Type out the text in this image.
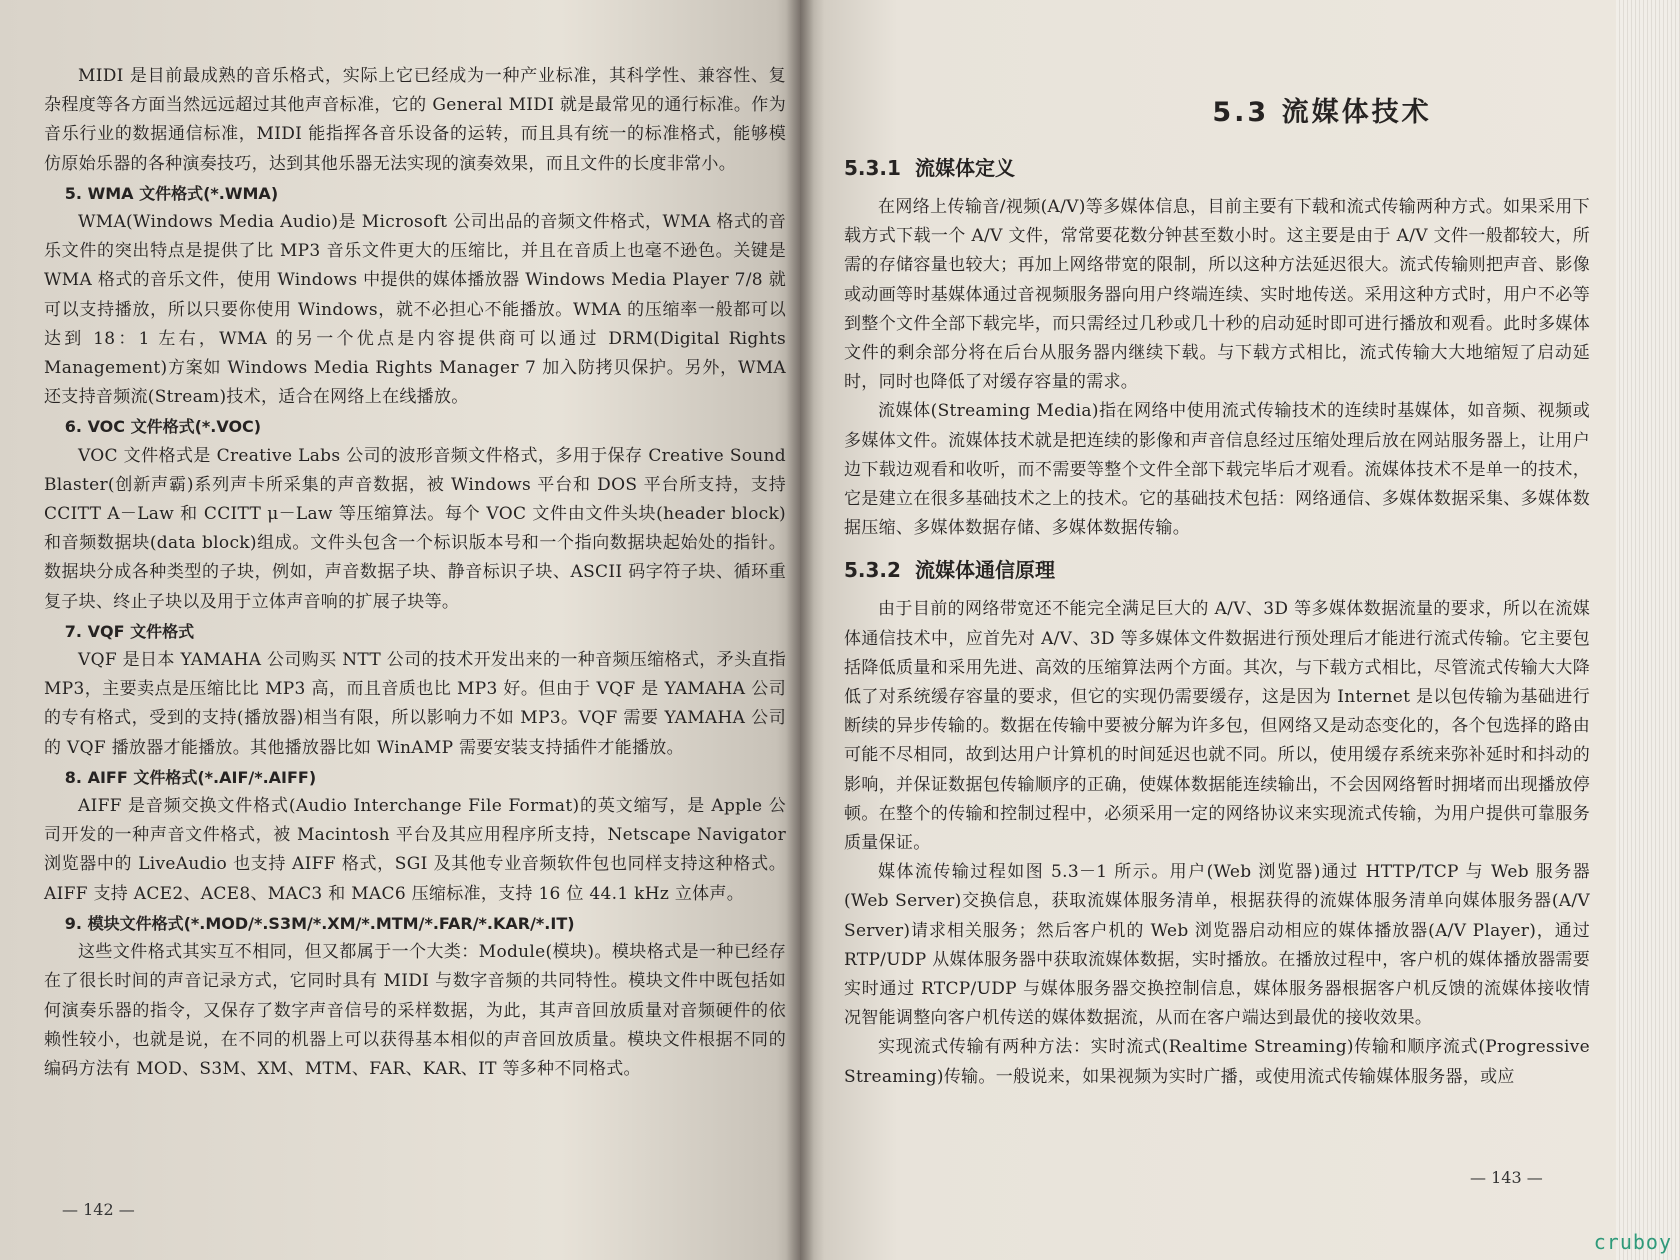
MIDI 是目前最成熟的音乐格式，实际上它已经成为一种产业标准，其科学性、兼容性、复杂程度等各方面当然远远超过其他声音标准，它的 General MIDI 就是最常见的通行标准。作为音乐行业的数据通信标准，MIDI 能指挥各音乐设备的运转，而且具有统一的标准格式，能够模仿原始乐器的各种演奏技巧，达到其他乐器无法实现的演奏效果，而且文件的长度非常小。

5. WMA 文件格式(*.WMA)

WMA(Windows Media Audio)是 Microsoft 公司出品的音频文件格式，WMA 格式的音乐文件的突出特点是提供了比 MP3 音乐文件更大的压缩比，并且在音质上也毫不逊色。关键是 WMA 格式的音乐文件，使用 Windows 中提供的媒体播放器 Windows Media Player 7/8 就可以支持播放，所以只要你使用 Windows，就不必担心不能播放。WMA 的压缩率一般都可以达到 18：1 左右，WMA 的另一个优点是内容提供商可以通过 DRM(Digital Rights Management)方案如 Windows Media Rights Manager 7 加入防拷贝保护。另外，WMA 还支持音频流(Stream)技术，适合在网络上在线播放。

6. VOC 文件格式(*.VOC)

VOC 文件格式是 Creative Labs 公司的波形音频文件格式，多用于保存 Creative Sound Blaster(创新声霸)系列声卡所采集的声音数据，被 Windows 平台和 DOS 平台所支持，支持 CCITT A－Law 和 CCITT μ－Law 等压缩算法。每个 VOC 文件由文件头块(header block)和音频数据块(data block)组成。文件头包含一个标识版本号和一个指向数据块起始处的指针。数据块分成各种类型的子块，例如，声音数据子块、静音标识子块、ASCII 码字符子块、循环重复子块、终止子块以及用于立体声音响的扩展子块等。

7. VQF 文件格式

VQF 是日本 YAMAHA 公司购买 NTT 公司的技术开发出来的一种音频压缩格式，矛头直指 MP3，主要卖点是压缩比比 MP3 高，而且音质也比 MP3 好。但由于 VQF 是 YAMAHA 公司的专有格式，受到的支持(播放器)相当有限，所以影响力不如 MP3。VQF 需要 YAMAHA 公司的 VQF 播放器才能播放。其他播放器比如 WinAMP 需要安装支持插件才能播放。

8. AIFF 文件格式(*.AIF/*.AIFF)

AIFF 是音频交换文件格式(Audio Interchange File Format)的英文缩写，是 Apple 公司开发的一种声音文件格式，被 Macintosh 平台及其应用程序所支持，Netscape Navigator 浏览器中的 LiveAudio 也支持 AIFF 格式，SGI 及其他专业音频软件包也同样支持这种格式。AIFF 支持 ACE2、ACE8、MAC3 和 MAC6 压缩标准，支持 16 位 44.1 kHz 立体声。

9. 模块文件格式(*.MOD/*.S3M/*.XM/*.MTM/*.FAR/*.KAR/*.IT)

这些文件格式其实互不相同，但又都属于一个大类：Module(模块)。模块格式是一种已经存在了很长时间的声音记录方式，它同时具有 MIDI 与数字音频的共同特性。模块文件中既包括如何演奏乐器的指令，又保存了数字声音信号的采样数据，为此，其声音回放质量对音频硬件的依赖性较小，也就是说，在不同的机器上可以获得基本相似的声音回放质量。模块文件根据不同的编码方法有 MOD、S3M、XM、MTM、FAR、KAR、IT 等多种不同格式。

5.3 流媒体技术
5.3.1 流媒体定义

在网络上传输音/视频(A/V)等多媒体信息，目前主要有下载和流式传输两种方式。如果采用下载方式下载一个 A/V 文件，常常要花数分钟甚至数小时。这主要是由于 A/V 文件一般都较大，所需的存储容量也较大；再加上网络带宽的限制，所以这种方法延迟很大。流式传输则把声音、影像或动画等时基媒体通过音视频服务器向用户终端连续、实时地传送。采用这种方式时，用户不必等到整个文件全部下载完毕，而只需经过几秒或几十秒的启动延时即可进行播放和观看。此时多媒体文件的剩余部分将在后台从服务器内继续下载。与下载方式相比，流式传输大大地缩短了启动延时，同时也降低了对缓存容量的需求。

流媒体(Streaming Media)指在网络中使用流式传输技术的连续时基媒体，如音频、视频或多媒体文件。流媒体技术就是把连续的影像和声音信息经过压缩处理后放在网站服务器上，让用户边下载边观看和收听，而不需要等整个文件全部下载完毕后才观看。流媒体技术不是单一的技术，它是建立在很多基础技术之上的技术。它的基础技术包括：网络通信、多媒体数据采集、多媒体数据压缩、多媒体数据存储、多媒体数据传输。

5.3.2 流媒体通信原理

由于目前的网络带宽还不能完全满足巨大的 A/V、3D 等多媒体数据流量的要求，所以在流媒体通信技术中，应首先对 A/V、3D 等多媒体文件数据进行预处理后才能进行流式传输。它主要包括降低质量和采用先进、高效的压缩算法两个方面。其次，与下载方式相比，尽管流式传输大大降低了对系统缓存容量的要求，但它的实现仍需要缓存，这是因为 Internet 是以包传输为基础进行断续的异步传输的。数据在传输中要被分解为许多包，但网络又是动态变化的，各个包选择的路由可能不尽相同，故到达用户计算机的时间延迟也就不同。所以，使用缓存系统来弥补延时和抖动的影响，并保证数据包传输顺序的正确，使媒体数据能连续输出，不会因网络暂时拥堵而出现播放停顿。在整个的传输和控制过程中，必须采用一定的网络协议来实现流式传输，为用户提供可靠服务质量保证。

媒体流传输过程如图 5.3－1 所示。用户(Web 浏览器)通过 HTTP/TCP 与 Web 服务器(Web Server)交换信息，获取流媒体服务清单，根据获得的流媒体服务清单向媒体服务器(A/V Server)请求相关服务；然后客户机的 Web 浏览器启动相应的媒体播放器(A/V Player)，通过 RTP/UDP 从媒体服务器中获取流媒体数据，实时播放。在播放过程中，客户机的媒体播放器需要实时通过 RTCP/UDP 与媒体服务器交换控制信息，媒体服务器根据客户机反馈的流媒体接收情况智能调整向客户机传送的媒体数据流，从而在客户端达到最优的接收效果。

实现流式传输有两种方法：实时流式(Realtime Streaming)传输和顺序流式(Progressive Streaming)传输。一般说来，如果视频为实时广播，或使用流式传输媒体服务器，或应

— 142 —
— 143 —
cruboy
